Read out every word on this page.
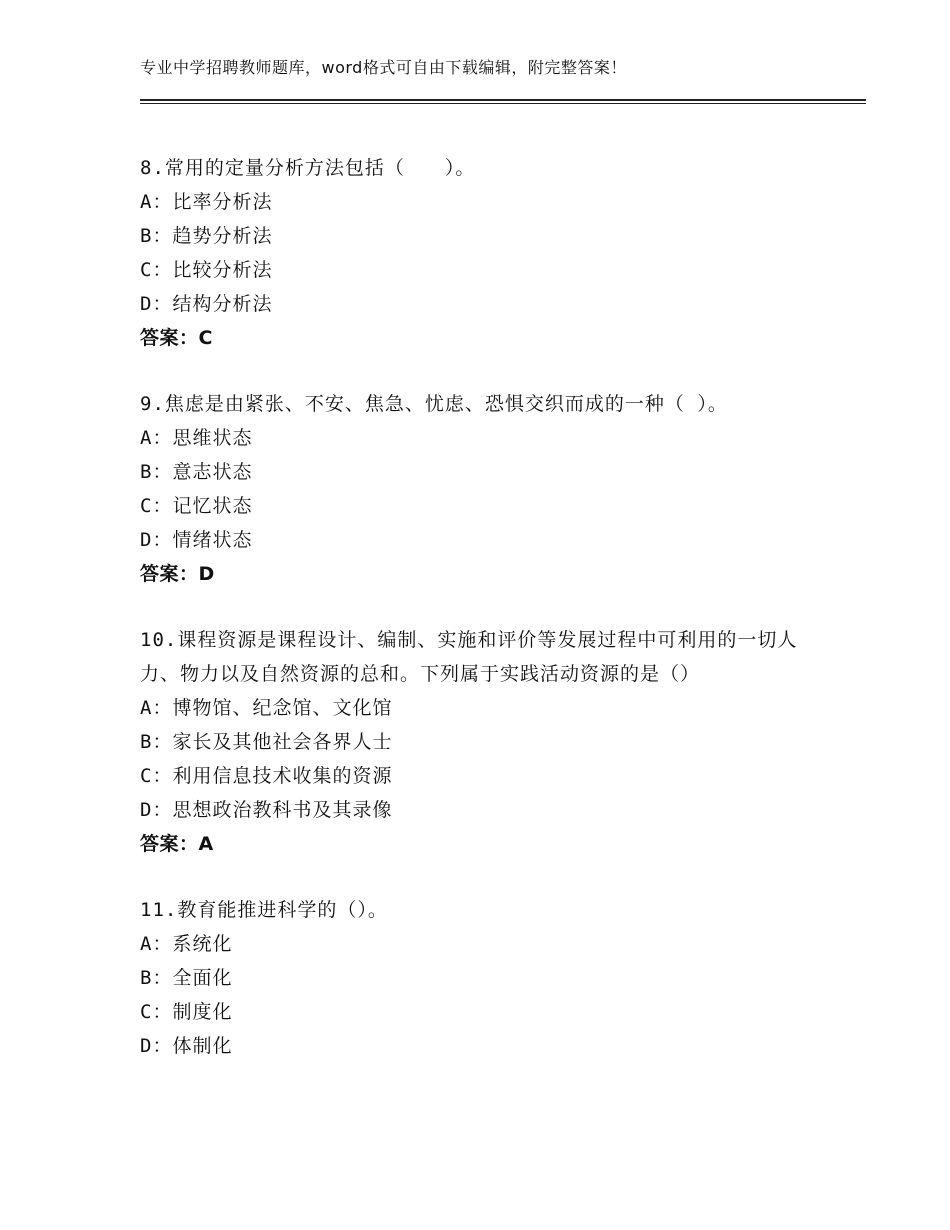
专业中学招聘教师题库，word格式可自由下载编辑，附完整答案！
8.常用的定量分析方法包括（　　）。
A：比率分析法
B：趋势分析法
C：比较分析法
D：结构分析法
答案：C
9.焦虑是由紧张、不安、焦急、忧虑、恐惧交织而成的一种（ ）。
A：思维状态
B：意志状态
C：记忆状态
D：情绪状态
答案：D
10.课程资源是课程设计、编制、实施和评价等发展过程中可利用的一切人力、物力以及自然资源的总和。下列属于实践活动资源的是（）
A：博物馆、纪念馆、文化馆
B：家长及其他社会各界人士
C：利用信息技术收集的资源
D：思想政治教科书及其录像
答案：A
11.教育能推进科学的（）。
A：系统化
B：全面化
C：制度化
D：体制化
